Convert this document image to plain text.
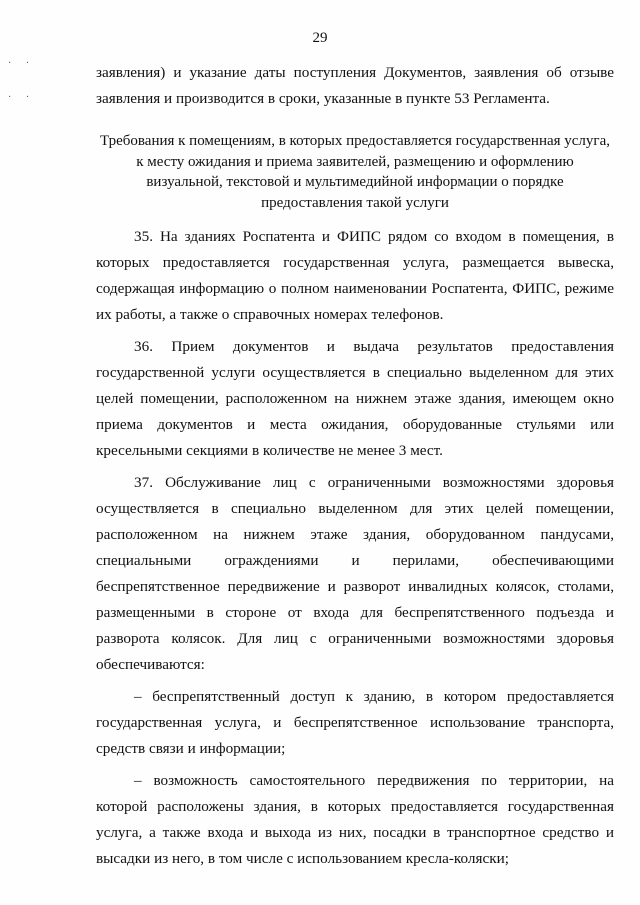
29
· ·
· ·

заявления) и указание даты поступления Документов, заявления об отзыве заявления и производится в сроки, указанные в пункте 53 Регламента.

Требования к помещениям, в которых предоставляется государственная услуга,
к месту ожидания и приема заявителей, размещению и оформлению
визуальной, текстовой и мультимедийной информации о порядке
предоставления такой услуги

35. На зданиях Роспатента и ФИПС рядом со входом в помещения, в которых предоставляется государственная услуга, размещается вывеска, содержащая информацию о полном наименовании Роспатента, ФИПС, режиме их работы, а также о справочных номерах телефонов.

36. Прием документов и выдача результатов предоставления государственной услуги осуществляется в специально выделенном для этих целей помещении, расположенном на нижнем этаже здания, имеющем окно приема документов и места ожидания, оборудованные стульями или кресельными секциями в количестве не менее 3 мест.

37. Обслуживание лиц с ограниченными возможностями здоровья осуществляется в специально выделенном для этих целей помещении, расположенном на нижнем этаже здания, оборудованном пандусами, специальными ограждениями и перилами, обеспечивающими беспрепятственное передвижение и разворот инвалидных колясок, столами, размещенными в стороне от входа для беспрепятственного подъезда и разворота колясок. Для лиц с ограниченными возможностями здоровья обеспечиваются:

– беспрепятственный доступ к зданию, в котором предоставляется государственная услуга, и беспрепятственное использование транспорта, средств связи и информации;

– возможность самостоятельного передвижения по территории, на которой расположены здания, в которых предоставляется государственная услуга, а также входа и выхода из них, посадки в транспортное средство и высадки из него, в том числе с использованием кресла-коляски;
